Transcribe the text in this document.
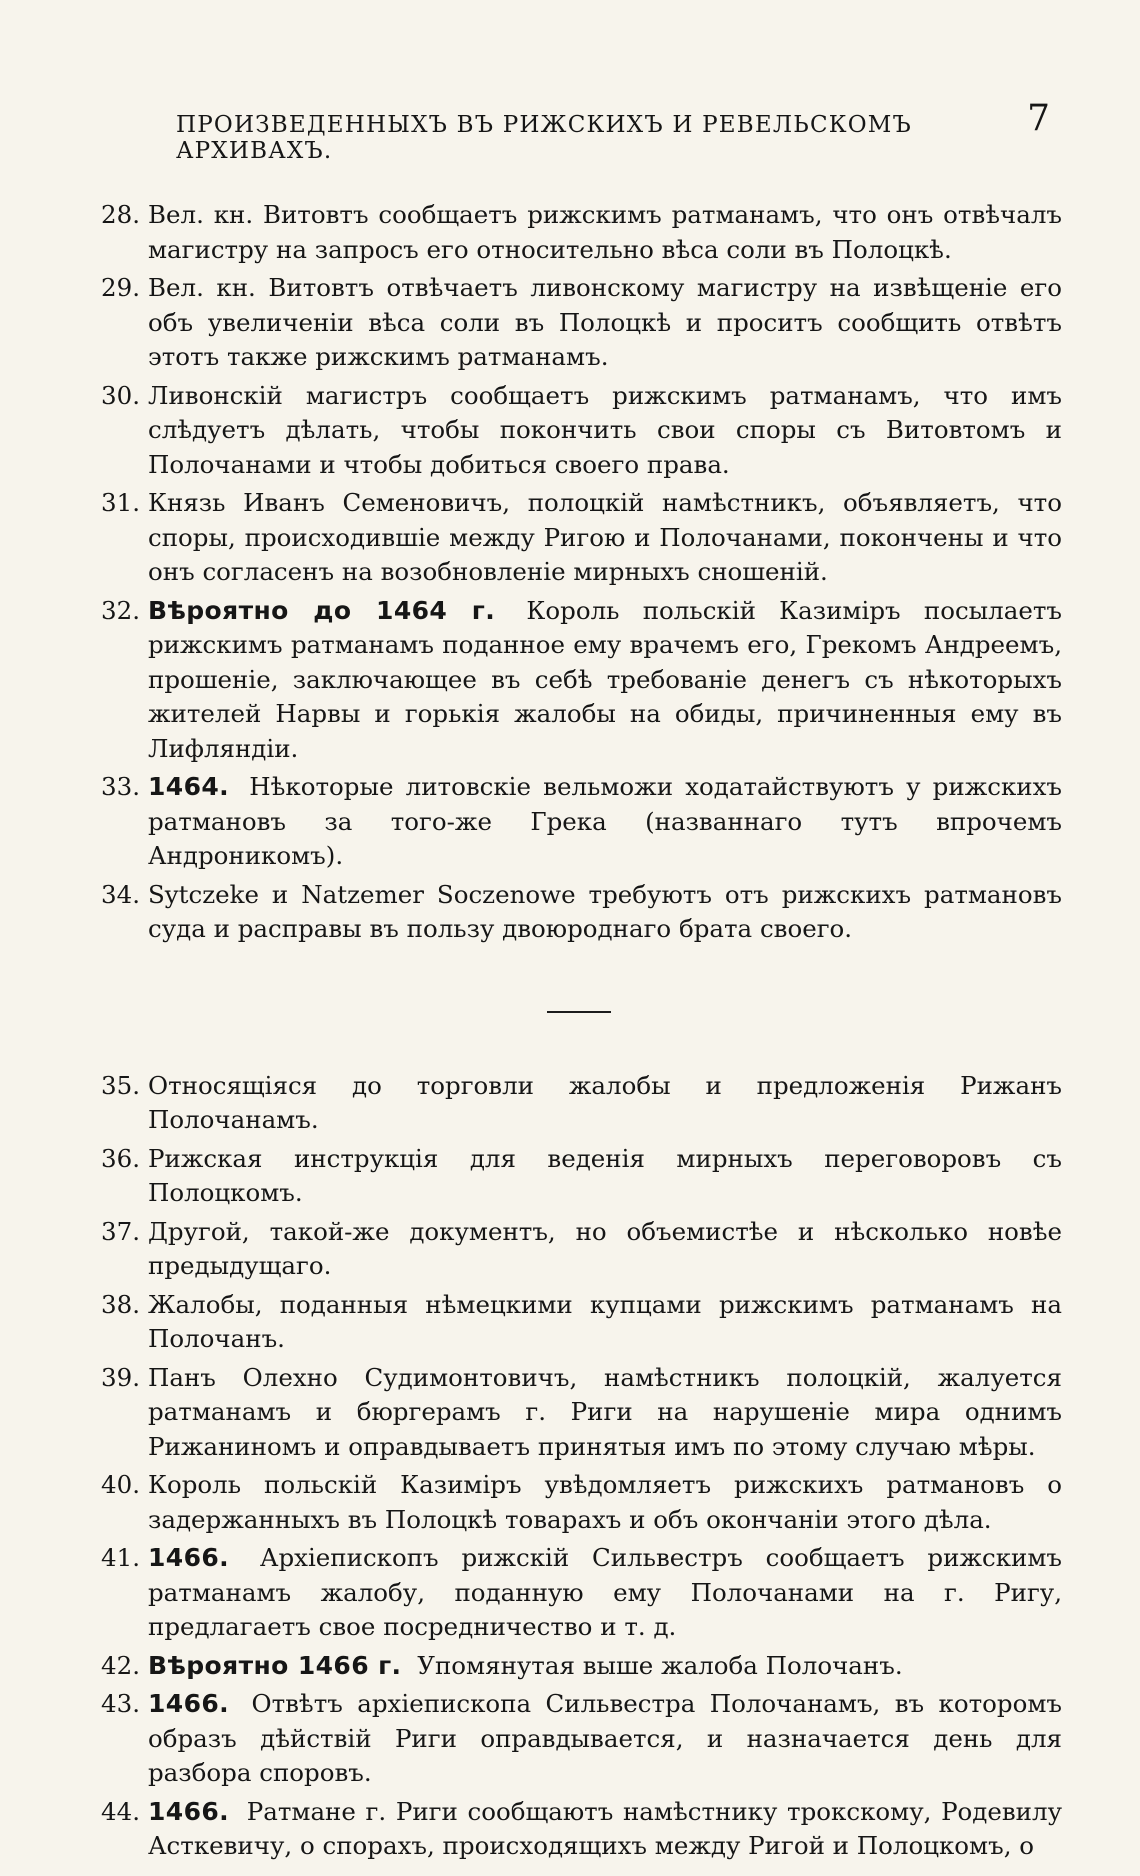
ПРОИЗВЕДЕННЫХЪ ВЪ РИЖСКИХЪ И РЕВЕЛЬСКОМЪ АРХИВАХЪ.
7
28. Вел. кн. Витовтъ сообщаетъ рижскимъ ратманамъ, что онъ отвѣчалъ магистру на запросъ его относительно вѣса соли въ Полоцкѣ.
29. Вел. кн. Витовтъ отвѣчаетъ ливонскому магистру на извѣщеніе его объ увеличеніи вѣса соли въ Полоцкѣ и проситъ сообщить отвѣтъ этотъ также рижскимъ ратманамъ.
30. Ливонскій магистръ сообщаетъ рижскимъ ратманамъ, что имъ слѣдуетъ дѣлать, чтобы покончить свои споры съ Витовтомъ и Полочанами и чтобы добиться своего права.
31. Князь Иванъ Семеновичъ, полоцкій намѣстникъ, объявляетъ, что споры, происходившіе между Ригою и Полочанами, покончены и что онъ согласенъ на возобновленіе мирныхъ сношеній.
32. Вѣроятно до 1464 г. Король польскій Казиміръ посылаетъ рижскимъ ратманамъ поданное ему врачемъ его, Грекомъ Андреемъ, прошеніе, заключающее въ себѣ требованіе денегъ съ нѣкоторыхъ жителей Нарвы и горькія жалобы на обиды, причиненныя ему въ Лифляндіи.
33. 1464. Нѣкоторые литовскіе вельможи ходатайствуютъ у рижскихъ ратмановъ за того-же Грека (названнаго тутъ впрочемъ Андроникомъ).
34. Sytczeke и Natzemer Soczenowe требуютъ отъ рижскихъ ратмановъ суда и расправы въ пользу двоюроднаго брата своего.
35. Относящіяся до торговли жалобы и предложенія Рижанъ Полочанамъ.
36. Рижская инструкція для веденія мирныхъ переговоровъ съ Полоцкомъ.
37. Другой, такой-же документъ, но объемистѣе и нѣсколько новѣе предыдущаго.
38. Жалобы, поданныя нѣмецкими купцами рижскимъ ратманамъ на Полочанъ.
39. Панъ Олехно Судимонтовичъ, намѣстникъ полоцкій, жалуется ратманамъ и бюргерамъ г. Риги на нарушеніе мира однимъ Рижаниномъ и оправдываетъ принятыя имъ по этому случаю мѣры.
40. Король польскій Казиміръ увѣдомляетъ рижскихъ ратмановъ о задержанныхъ въ Полоцкѣ товарахъ и объ окончаніи этого дѣла.
41. 1466. Архіепископъ рижскій Сильвестръ сообщаетъ рижскимъ ратманамъ жалобу, поданную ему Полочанами на г. Ригу, предлагаетъ свое посредничество и т. д.
42. Вѣроятно 1466 г. Упомянутая выше жалоба Полочанъ.
43. 1466. Отвѣтъ архіепископа Сильвестра Полочанамъ, въ которомъ образъ дѣйствій Риги оправдывается, и назначается день для разбора споровъ.
44. 1466. Ратмане г. Риги сообщаютъ намѣстнику трокскому, Родевилу Асткевичу, о спорахъ, происходящихъ между Ригой и Полоцкомъ, о
